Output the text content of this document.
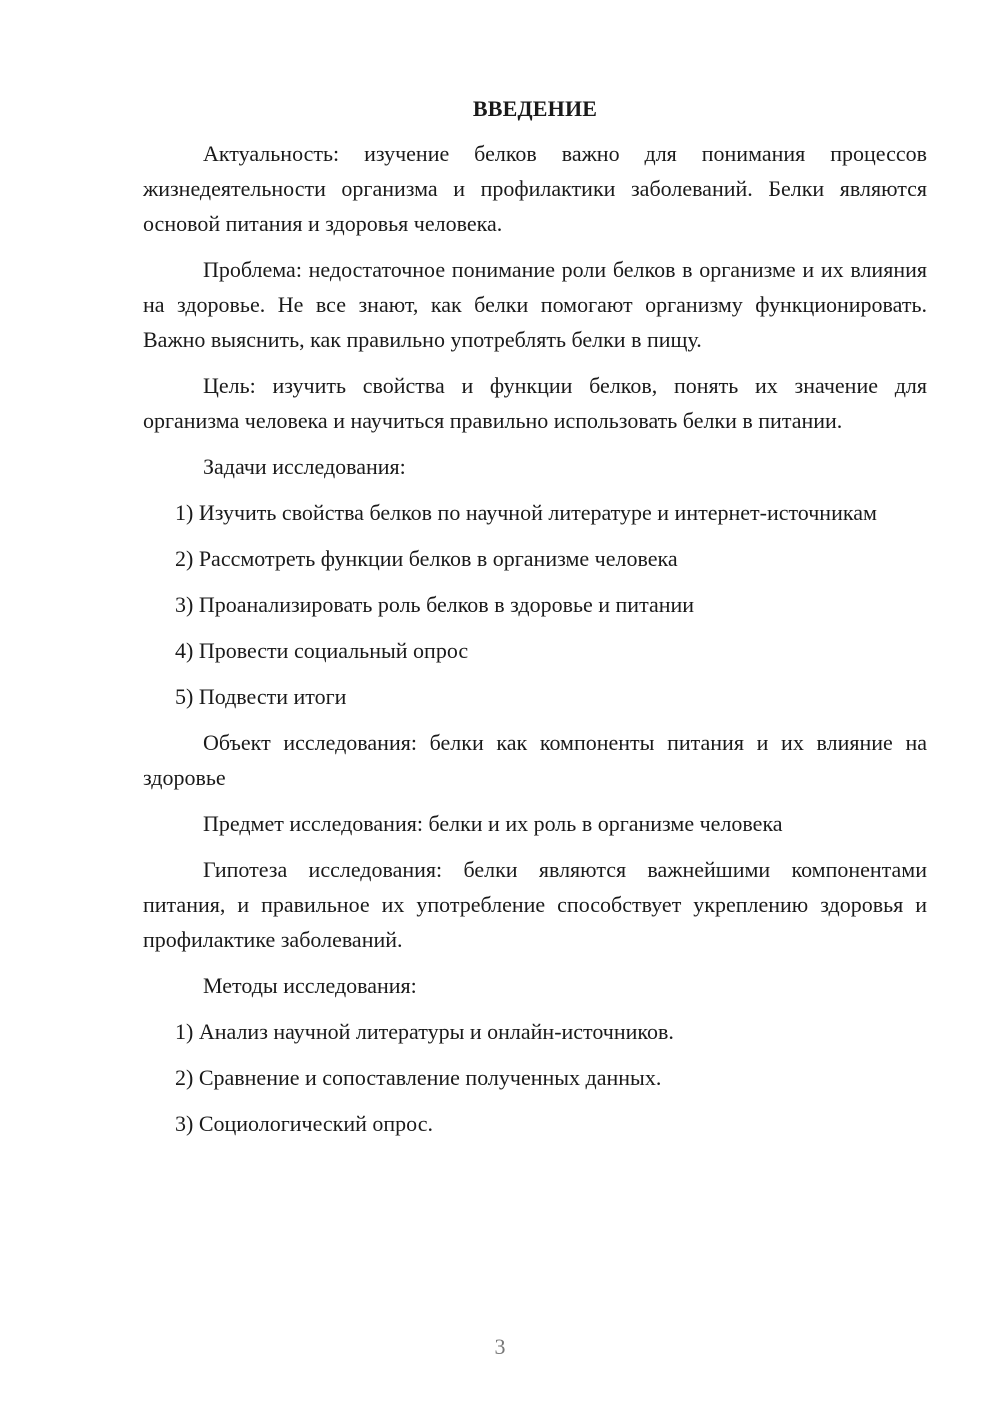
ВВЕДЕНИЕ

Актуальность: изучение белков важно для понимания процессов жизнедеятельности организма и профилактики заболеваний. Белки являются основой питания и здоровья человека.

Проблема: недостаточное понимание роли белков в организме и их влияния на здоровье. Не все знают, как белки помогают организму функционировать. Важно выяснить, как правильно употреблять белки в пищу.

Цель: изучить свойства и функции белков, понять их значение для организма человека и научиться правильно использовать белки в питании.

Задачи исследования:

1) Изучить свойства белков по научной литературе и интернет-источникам

2) Рассмотреть функции белков в организме человека

3) Проанализировать роль белков в здоровье и питании

4) Провести социальный опрос

5) Подвести итоги

Объект исследования: белки как компоненты питания и их влияние на здоровье

Предмет исследования: белки и их роль в организме человека

Гипотеза исследования: белки являются важнейшими компонентами питания, и правильное их употребление способствует укреплению здоровья и профилактике заболеваний.

Методы исследования:

1) Анализ научной литературы и онлайн-источников.

2) Сравнение и сопоставление полученных данных.

3) Социологический опрос.

3
